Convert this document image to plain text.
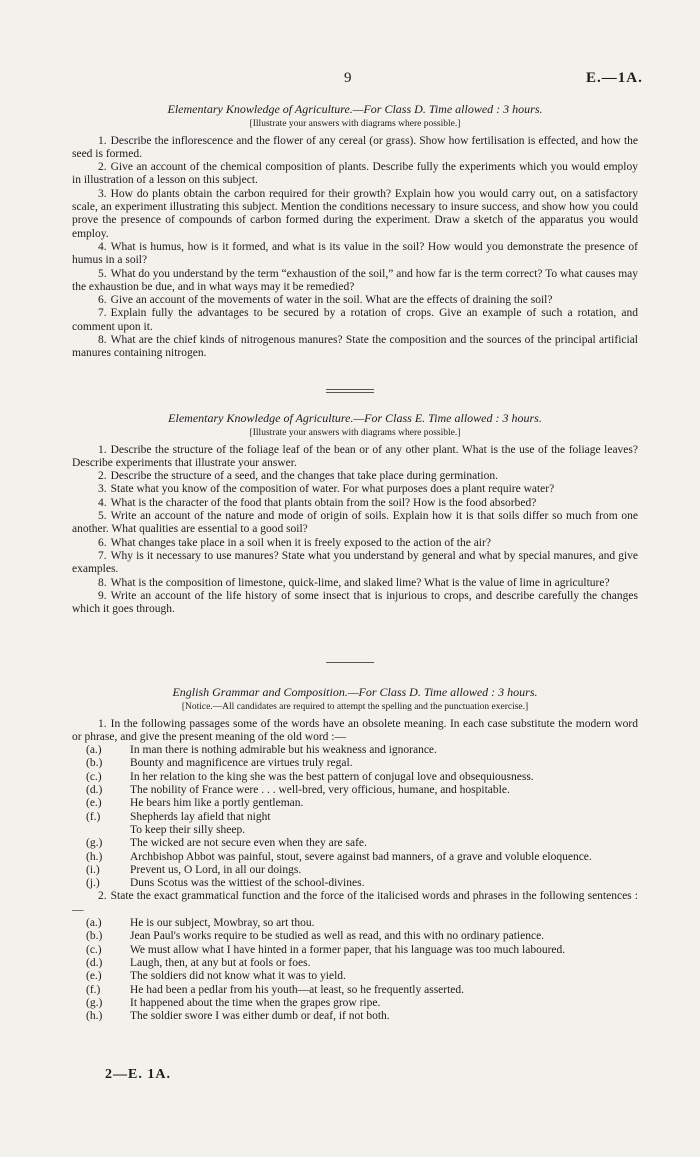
9	E.—1A.

Elementary Knowledge of Agriculture.—For Class D. Time allowed : 3 hours.

[Illustrate your answers with diagrams where possible.]

1. Describe the inflorescence and the flower of any cereal (or grass). Show how fertilisation is effected, and how the seed is formed.

2. Give an account of the chemical composition of plants. Describe fully the experiments which you would employ in illustration of a lesson on this subject.

3. How do plants obtain the carbon required for their growth? Explain how you would carry out, on a satisfactory scale, an experiment illustrating this subject. Mention the conditions necessary to insure success, and show how you could prove the presence of compounds of carbon formed during the experiment. Draw a sketch of the apparatus you would employ.

4. What is humus, how is it formed, and what is its value in the soil? How would you demonstrate the presence of humus in a soil?

5. What do you understand by the term “exhaustion of the soil,” and how far is the term correct? To what causes may the exhaustion be due, and in what ways may it be remedied?

6. Give an account of the movements of water in the soil. What are the effects of draining the soil?

7. Explain fully the advantages to be secured by a rotation of crops. Give an example of such a rotation, and comment upon it.

8. What are the chief kinds of nitrogenous manures? State the composition and the sources of the principal artificial manures containing nitrogen.

Elementary Knowledge of Agriculture.—For Class E. Time allowed : 3 hours.

[Illustrate your answers with diagrams where possible.]

1. Describe the structure of the foliage leaf of the bean or of any other plant. What is the use of the foliage leaves? Describe experiments that illustrate your answer.

2. Describe the structure of a seed, and the changes that take place during germination.

3. State what you know of the composition of water. For what purposes does a plant require water?

4. What is the character of the food that plants obtain from the soil? How is the food absorbed?

5. Write an account of the nature and mode of origin of soils. Explain how it is that soils differ so much from one another. What qualities are essential to a good soil?

6. What changes take place in a soil when it is freely exposed to the action of the air?

7. Why is it necessary to use manures? State what you understand by general and what by special manures, and give examples.

8. What is the composition of limestone, quick-lime, and slaked lime? What is the value of lime in agriculture?

9. Write an account of the life history of some insect that is injurious to crops, and describe carefully the changes which it goes through.

English Grammar and Composition.—For Class D. Time allowed : 3 hours.

[Notice.—All candidates are required to attempt the spelling and the punctuation exercise.]

1. In the following passages some of the words have an obsolete meaning. In each case substitute the modern word or phrase, and give the present meaning of the old word :—

(a.) In man there is nothing admirable but his weakness and ignorance.

(b.) Bounty and magnificence are virtues truly regal.

(c.) In her relation to the king she was the best pattern of conjugal love and obsequiousness.

(d.) The nobility of France were . . . well-bred, very officious, humane, and hospitable.

(e.) He bears him like a portly gentleman.

(f.)	Shepherds lay afield that night

To keep their silly sheep.

(g.) The wicked are not secure even when they are safe.

(h.) Archbishop Abbot was painful, stout, severe against bad manners, of a grave and voluble eloquence.

(i.)	Prevent us, O Lord, in all our doings.

(j.)	Duns Scotus was the wittiest of the school-divines.

2. State the exact grammatical function and the force of the italicised words and phrases in the following sentences :—

(a.) He is our subject, Mowbray, so art thou.

(b.) Jean Paul's works require to be studied as well as read, and this with no ordinary patience.

(c.) We must allow what I have hinted in a former paper, that his language was too much laboured.

(d.) Laugh, then, at any but at fools or foes.

(e.) The soldiers did not know what it was to yield.

(f.)	He had been a pedlar from his youth—at least, so he frequently asserted.

(g.) It happened about the time when the grapes grow ripe.

(h.) The soldier swore I was either dumb or deaf, if not both.

2—E. 1A.
